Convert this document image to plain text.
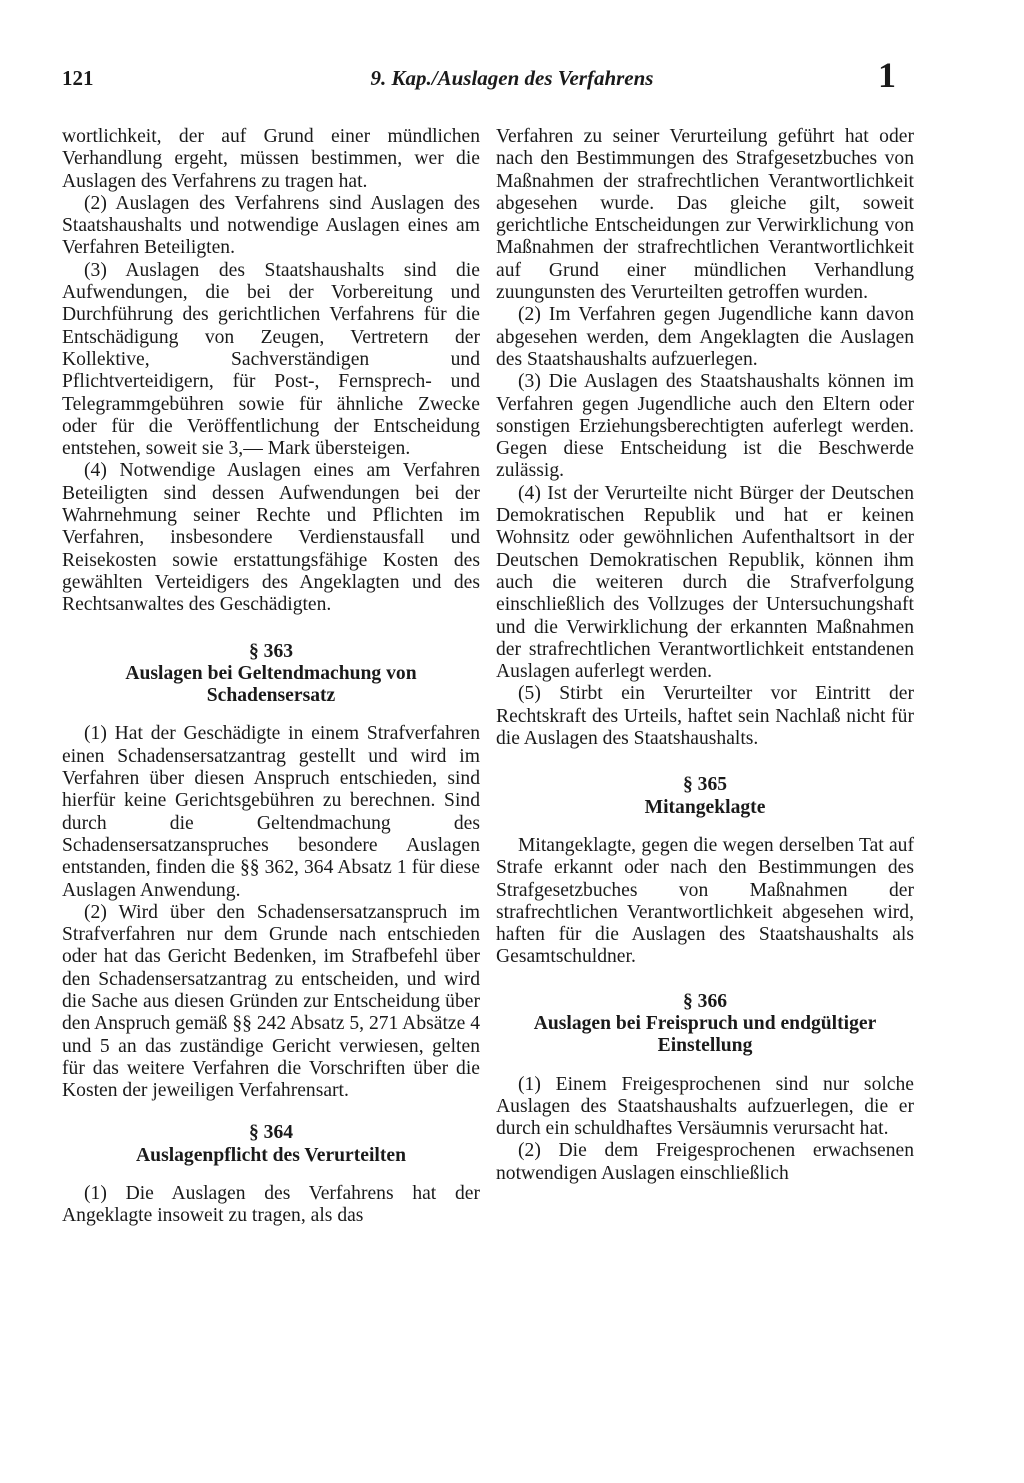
121	9. Kap./Auslagen des Verfahrens	1

wortlichkeit, der auf Grund einer mündlichen Verhandlung ergeht, müssen bestimmen, wer die Auslagen des Verfahrens zu tragen hat.

(2) Auslagen des Verfahrens sind Auslagen des Staatshaushalts und notwendige Auslagen eines am Verfahren Beteiligten.

(3) Auslagen des Staatshaushalts sind die Aufwendungen, die bei der Vorbereitung und Durchführung des gerichtlichen Verfahrens für die Entschädigung von Zeugen, Vertretern der Kollektive, Sachverständigen und Pflichtverteidigern, für Post-, Fernsprech- und Telegrammgebühren sowie für ähnliche Zwecke oder für die Veröffentlichung der Entscheidung entstehen, soweit sie 3,— Mark übersteigen.

(4) Notwendige Auslagen eines am Verfahren Beteiligten sind dessen Aufwendungen bei der Wahrnehmung seiner Rechte und Pflichten im Verfahren, insbesondere Verdienstausfall und Reisekosten sowie erstattungsfähige Kosten des gewählten Verteidigers des Angeklagten und des Rechtsanwaltes des Geschädigten.

§ 363

Auslagen bei Geltendmachung von Schadensersatz

(1) Hat der Geschädigte in einem Strafverfahren einen Schadensersatzantrag gestellt und wird im Verfahren über diesen Anspruch entschieden, sind hierfür keine Gerichtsgebühren zu berechnen. Sind durch die Geltendmachung des Schadensersatzanspruches besondere Auslagen entstanden, finden die §§ 362, 364 Absatz 1 für diese Auslagen Anwendung.

(2) Wird über den Schadensersatzanspruch im Strafverfahren nur dem Grunde nach entschieden oder hat das Gericht Bedenken, im Strafbefehl über den Schadensersatzantrag zu entscheiden, und wird die Sache aus diesen Gründen zur Entscheidung über den Anspruch gemäß §§ 242 Absatz 5, 271 Absätze 4 und 5 an das zuständige Gericht verwiesen, gelten für das weitere Verfahren die Vorschriften über die Kosten der jeweiligen Verfahrensart.

§ 364

Auslagenpflicht des Verurteilten

(1) Die Auslagen des Verfahrens hat der Angeklagte insoweit zu tragen, als das

Verfahren zu seiner Verurteilung geführt hat oder nach den Bestimmungen des Strafgesetzbuches von Maßnahmen der strafrechtlichen Verantwortlichkeit abgesehen wurde. Das gleiche gilt, soweit gerichtliche Entscheidungen zur Verwirklichung von Maßnahmen der strafrechtlichen Verantwortlichkeit auf Grund einer mündlichen Verhandlung zuungunsten des Verurteilten getroffen wurden.

(2) Im Verfahren gegen Jugendliche kann davon abgesehen werden, dem Angeklagten die Auslagen des Staatshaushalts aufzuerlegen.

(3) Die Auslagen des Staatshaushalts können im Verfahren gegen Jugendliche auch den Eltern oder sonstigen Erziehungsberechtigten auferlegt werden. Gegen diese Entscheidung ist die Beschwerde zulässig.

(4) Ist der Verurteilte nicht Bürger der Deutschen Demokratischen Republik und hat er keinen Wohnsitz oder gewöhnlichen Aufenthaltsort in der Deutschen Demokratischen Republik, können ihm auch die weiteren durch die Strafverfolgung einschließlich des Vollzuges der Untersuchungshaft und die Verwirklichung der erkannten Maßnahmen der strafrechtlichen Verantwortlichkeit entstandenen Auslagen auferlegt werden.

(5) Stirbt ein Verurteilter vor Eintritt der Rechtskraft des Urteils, haftet sein Nachlaß nicht für die Auslagen des Staatshaushalts.

§ 365

Mitangeklagte

Mitangeklagte, gegen die wegen derselben Tat auf Strafe erkannt oder nach den Bestimmungen des Strafgesetzbuches von Maßnahmen der strafrechtlichen Verantwortlichkeit abgesehen wird, haften für die Auslagen des Staatshaushalts als Gesamtschuldner.

§ 366

Auslagen bei Freispruch und endgültiger Einstellung

(1) Einem Freigesprochenen sind nur solche Auslagen des Staatshaushalts aufzuerlegen, die er durch ein schuldhaftes Versäumnis verursacht hat.

(2) Die dem Freigesprochenen erwachsenen notwendigen Auslagen einschließlich
